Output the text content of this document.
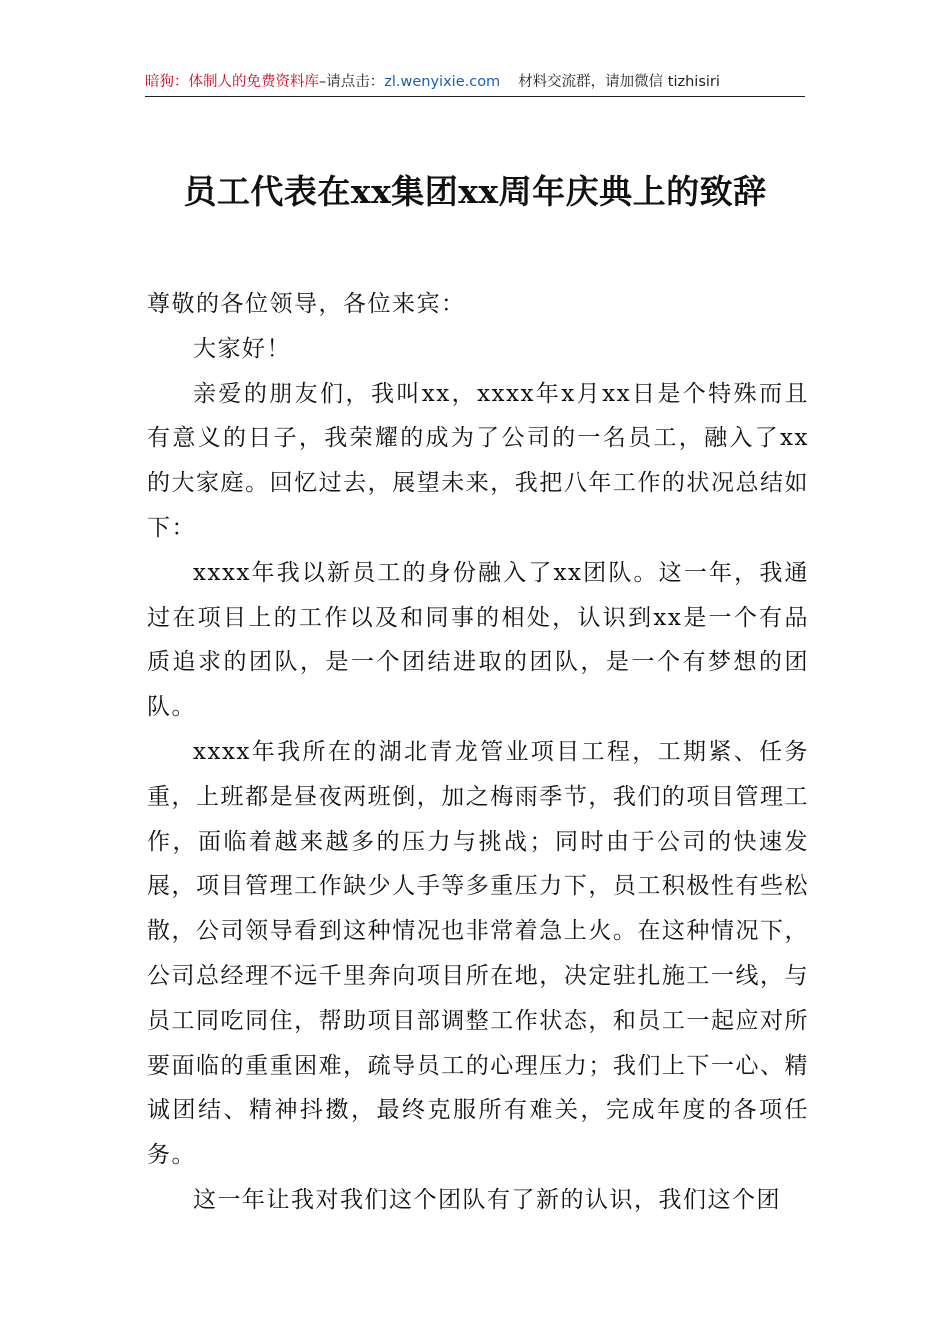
暗狗：体制人的免费资料库 –请点击： zl.wenyixie.com 材料交流群，请加微信 tizhisiri
员工代表在xx集团xx周年庆典上的致辞

尊敬的各位领导，各位来宾：

大家好！

亲爱的朋友们，我叫xx，xxxx年x月xx日是个特殊而且有意义的日子，我荣耀的成为了公司的一名员工，融入了xx的大家庭。回忆过去，展望未来，我把八年工作的状况总结如下：

xxxx年我以新员工的身份融入了xx团队。这一年，我通过在项目上的工作以及和同事的相处，认识到xx是一个有品质追求的团队，是一个团结进取的团队，是一个有梦想的团队。

xxxx年我所在的湖北青龙管业项目工程，工期紧、任务重，上班都是昼夜两班倒，加之梅雨季节，我们的项目管理工作，面临着越来越多的压力与挑战；同时由于公司的快速发展，项目管理工作缺少人手等多重压力下，员工积极性有些松散，公司领导看到这种情况也非常着急上火。在这种情况下，公司总经理不远千里奔向项目所在地，决定驻扎施工一线，与员工同吃同住，帮助项目部调整工作状态，和员工一起应对所要面临的重重困难，疏导员工的心理压力；我们上下一心、精诚团结、精神抖擞，最终克服所有难关，完成年度的各项任务。

这一年让我对我们这个团队有了新的认识，我们这个团
